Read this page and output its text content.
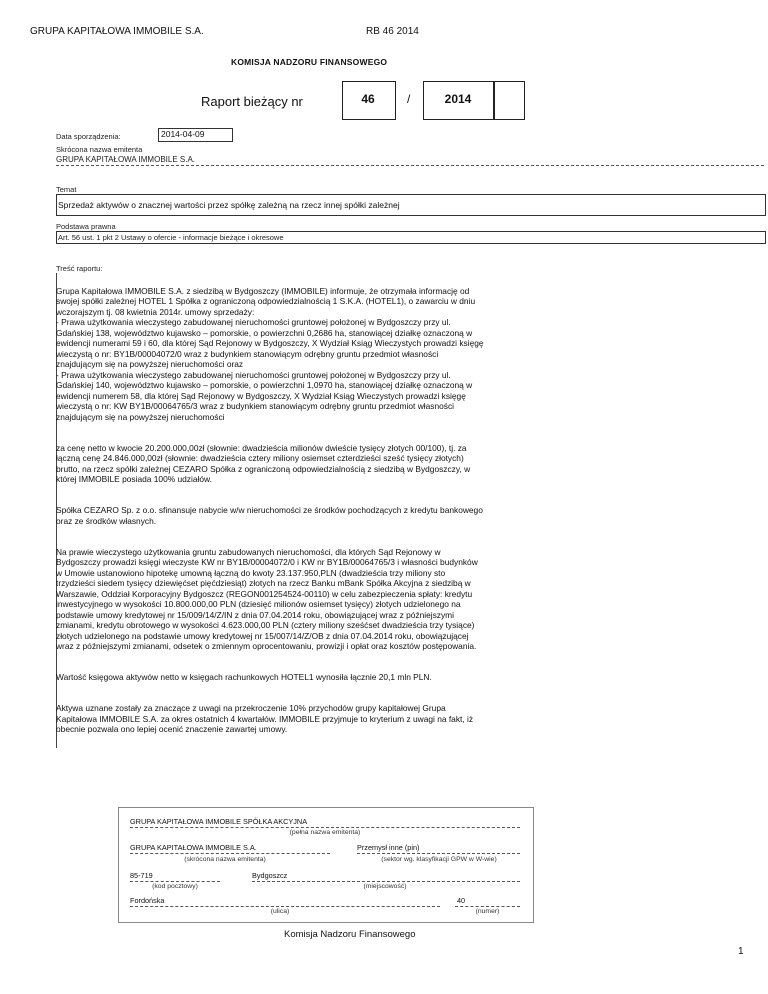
GRUPA KAPITAŁOWA IMMOBILE S.A.	RB 46 2014
KOMISJA NADZORU FINANSOWEGO
Raport bieżący nr	46	/	2014
Data sporządzenia:	2014-04-09
Skrócona nazwa emitenta
GRUPA KAPITAŁOWA IMMOBILE S.A.
Temat
Sprzedaż aktywów o znacznej wartości przez spółkę zależną na rzecz innej spółki zależnej
Podstawa prawna
Art. 56 ust. 1 pkt 2 Ustawy o ofercie - informacje bieżące i okresowe
Treść raportu:

Grupa Kapitałowa IMMOBILE S.A. z siedzibą w Bydgoszczy (IMMOBILE) informuje, że otrzymała informację od
swojej spółki zależnej HOTEL 1 Spółka z ograniczoną odpowiedzialnością 1 S.K.A. (HOTEL1), o zawarciu w dniu
wczorajszym tj. 08 kwietnia 2014r. umowy sprzedaży:
- Prawa użytkowania wieczystego zabudowanej nieruchomości gruntowej położonej w Bydgoszczy przy ul.
Gdańskiej 138, województwo kujawsko – pomorskie, o powierzchni 0,2686 ha, stanowiącej działkę oznaczoną w
ewidencji numerami 59 i 60, dla której Sąd Rejonowy w Bydgoszczy, X Wydział Ksiąg Wieczystych prowadzi księgę
wieczystą o nr: BY1B/00004072/0 wraz z budynkiem stanowiącym odrębny gruntu przedmiot własności
znajdującym się na powyższej nieruchomości oraz
- Prawa użytkowania wieczystego zabudowanej nieruchomości gruntowej położonej w Bydgoszczy przy ul.
Gdańskiej 140, województwo kujawsko – pomorskie, o powierzchni 1,0970 ha, stanowiącej działkę oznaczoną w
ewidencji numerem 58, dla której Sąd Rejonowy w Bydgoszczy, X Wydział Ksiąg Wieczystych prowadzi księgę
wieczystą o nr: KW BY1B/00064765/3 wraz z budynkiem stanowiącym odrębny gruntu przedmiot własności
znajdującym się na powyższej nieruchomości

za cenę netto w kwocie 20.200.000,00zł (słownie: dwadzieścia milionów dwieście tysięcy złotych 00/100), tj. za
łączną cenę 24.846.000,00zł (słownie: dwadzieścia cztery miliony osiemset czterdzieści sześć tysięcy złotych)
brutto, na rzecz spółki zależnej CEZARO Spółka z ograniczoną odpowiedzialnością z siedzibą w Bydgoszczy, w
której IMMOBILE posiada 100% udziałów.

Spółka CEZARO Sp. z o.o. sfinansuje nabycie w/w nieruchomości ze środków pochodzących z kredytu bankowego
oraz ze środków własnych.

Na prawie wieczystego użytkowania gruntu zabudowanych nieruchomości, dla których Sąd Rejonowy w
Bydgoszczy prowadzi księgi wieczyste KW nr BY1B/00004072/0 i KW nr BY1B/00064765/3 i własności budynków
w Umowie ustanowiono hipotekę umowną łączną do kwoty 23.137.950,PLN (dwadzieścia trzy miliony sto
trzydzieści siedem tysięcy dziewięćset pięćdziesiąt) złotych na rzecz Banku mBank Spółka Akcyjna z siedzibą w
Warszawie, Oddział Korporacyjny Bydgoszcz (REGON001254524-00110) w celu zabezpieczenia spłaty: kredytu
inwestycyjnego w wysokości 10.800.000,00 PLN (dziesięć milionów osiemset tysięcy) złotych udzielonego na
podstawie umowy kredytowej nr 15/009/14/Z/IN z dnia 07.04.2014 roku, obowiązującej wraz z późniejszymi
zmianami, kredytu obrotowego w wysokości 4.623.000,00 PLN (cztery miliony sześćset dwadzieścia trzy tysiące)
złotych udzielonego na podstawie umowy kredytowej nr 15/007/14/Z/OB z dnia 07.04.2014 roku, obowiązującej
wraz z późniejszymi zmianami, odsetek o zmiennym oprocentowaniu, prowizji i opłat oraz kosztów postępowania.

Wartość księgowa aktywów netto w księgach rachunkowych HOTEL1 wynosiła łącznie 20,1 mln PLN.

Aktywa uznane zostały za znaczące z uwagi na przekroczenie 10% przychodów grupy kapitałowej Grupa
Kapitałowa IMMOBILE S.A. za okres ostatnich 4 kwartałów. IMMOBILE przyjmuje to kryterium z uwagi na fakt, iż
obecnie pozwala ono lepiej ocenić znaczenie zawartej umowy.

GRUPA KAPITAŁOWA IMMOBILE SPÓŁKA AKCYJNA
(pełna nazwa emitenta)
GRUPA KAPITAŁOWA IMMOBILE S.A.
(skrócona nazwa emitenta)
Przemysł inne (pin)
(sektor wg. klasyfikacji GPW w W-wie)
85-719
(kod pocztowy)
Bydgoszcz
(miejscowość)
Fordońska
(ulica)
40
(numer)
Komisja Nadzoru Finansowego
1
